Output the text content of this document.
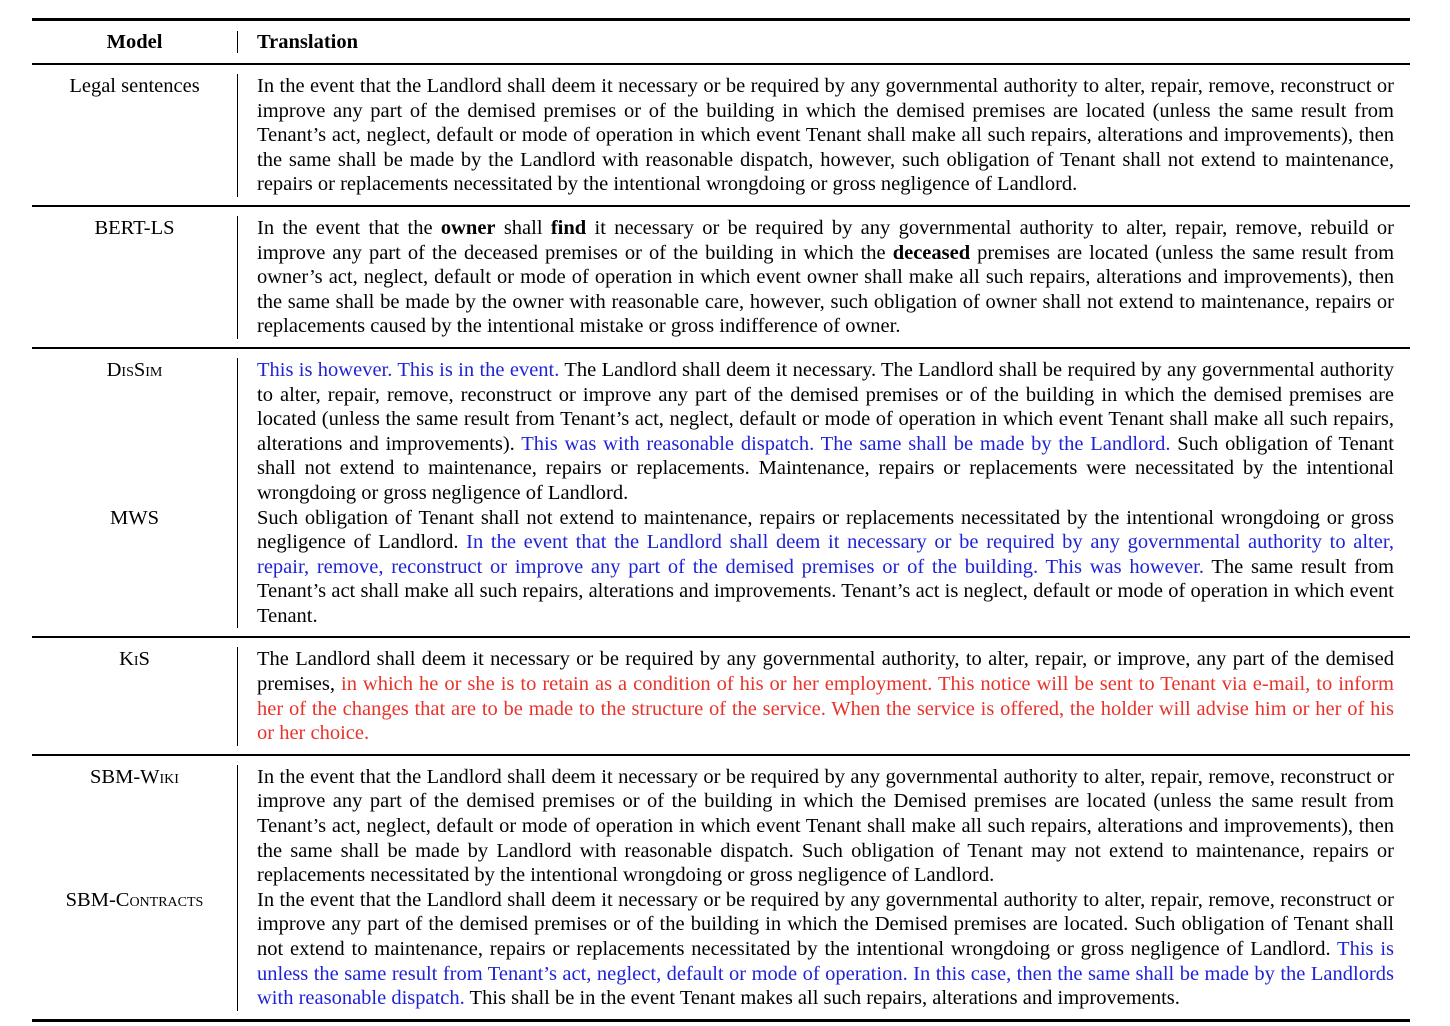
Model	Translation
Legal sentences	In the event that the Landlord shall deem it necessary or be required by any governmental authority to alter, repair, remove, reconstruct or improve any part of the demised premises or of the building in which the demised premises are located (unless the same result from Tenant’s act, neglect, default or mode of operation in which event Tenant shall make all such repairs, alterations and improvements), then the same shall be made by the Landlord with reasonable dispatch, however, such obligation of Tenant shall not extend to maintenance, repairs or replacements necessitated by the intentional wrongdoing or gross negligence of Landlord.
BERT-LS	In the event that the owner shall find it necessary or be required by any governmental authority to alter, repair, remove, rebuild or improve any part of the deceased premises or of the building in which the deceased premises are located (unless the same result from owner’s act, neglect, default or mode of operation in which event owner shall make all such repairs, alterations and improvements), then the same shall be made by the owner with reasonable care, however, such obligation of owner shall not extend to maintenance, repairs or replacements caused by the intentional mistake or gross indifference of owner.
DisSim	This is however. This is in the event. The Landlord shall deem it necessary. The Landlord shall be required by any governmental authority to alter, repair, remove, reconstruct or improve any part of the demised premises or of the building in which the demised premises are located (unless the same result from Tenant’s act, neglect, default or mode of operation in which event Tenant shall make all such repairs, alterations and improvements). This was with reasonable dispatch. The same shall be made by the Landlord. Such obligation of Tenant shall not extend to maintenance, repairs or replacements. Maintenance, repairs or replacements were necessitated by the intentional wrongdoing or gross negligence of Landlord.
MWS	Such obligation of Tenant shall not extend to maintenance, repairs or replacements necessitated by the intentional wrongdoing or gross negligence of Landlord. In the event that the Landlord shall deem it necessary or be required by any governmental authority to alter, repair, remove, reconstruct or improve any part of the demised premises or of the building. This was however. The same result from Tenant’s act shall make all such repairs, alterations and improvements. Tenant’s act is neglect, default or mode of operation in which event Tenant.
KiS	The Landlord shall deem it necessary or be required by any governmental authority, to alter, repair, or improve, any part of the demised premises, in which he or she is to retain as a condition of his or her employment. This notice will be sent to Tenant via e-mail, to inform her of the changes that are to be made to the structure of the service. When the service is offered, the holder will advise him or her of his or her choice.
SBM-Wiki	In the event that the Landlord shall deem it necessary or be required by any governmental authority to alter, repair, remove, reconstruct or improve any part of the demised premises or of the building in which the Demised premises are located (unless the same result from Tenant’s act, neglect, default or mode of operation in which event Tenant shall make all such repairs, alterations and improvements), then the same shall be made by Landlord with reasonable dispatch. Such obligation of Tenant may not extend to maintenance, repairs or replacements necessitated by the intentional wrongdoing or gross negligence of Landlord.
SBM-Contracts	In the event that the Landlord shall deem it necessary or be required by any governmental authority to alter, repair, remove, reconstruct or improve any part of the demised premises or of the building in which the Demised premises are located. Such obligation of Tenant shall not extend to maintenance, repairs or replacements necessitated by the intentional wrongdoing or gross negligence of Landlord. This is unless the same result from Tenant’s act, neglect, default or mode of operation. In this case, then the same shall be made by the Landlords with reasonable dispatch. This shall be in the event Tenant makes all such repairs, alterations and improvements.
